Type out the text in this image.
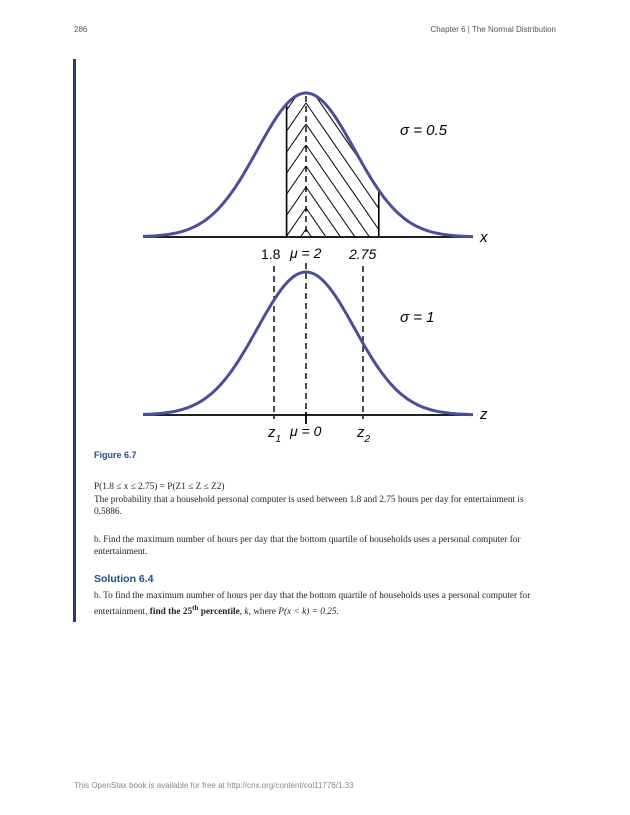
286	Chapter 6 | The Normal Distribution
σ = 0.5
x
1.8 μ = 2 2.75
σ = 1
z
$z_1$
μ = 0 $z_2$
Figure 6.7
P(1.8 ≤ x ≤ 2.75) = P(Z1 ≤ Z ≤ Z2)
The probability that a household personal computer is used between 1.8 and 2.75 hours per day for entertainment is 0.5886.
b. Find the maximum number of hours per day that the bottom quartile of households uses a personal computer for entertainment.
Solution 6.4
b. To find the maximum number of hours per day that the bottom quartile of households uses a personal computer for entertainment, find the 25th percentile, k, where P(x < k) = 0.25.
This OpenStax book is available for free at http://cnx.org/content/col11776/1.33
